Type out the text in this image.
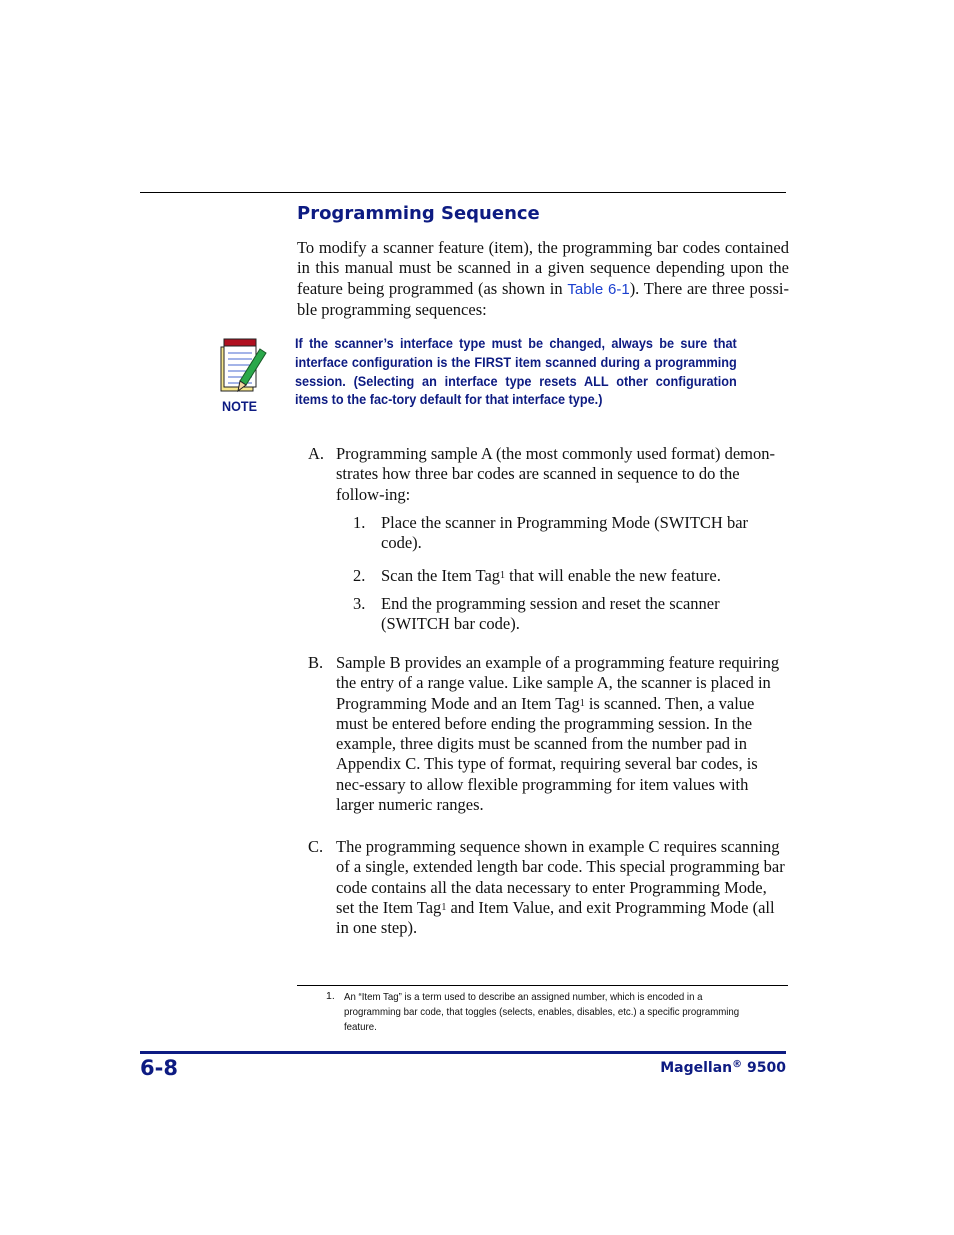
Programming Sequence

To modify a scanner feature (item), the programming bar codes contained in this manual must be scanned in a given sequence depending upon the feature being programmed (as shown in Table 6-1). There are three possi-ble programming sequences:

NOTE

If the scanner’s interface type must be changed, always be sure that interface configuration is the FIRST item scanned during a programming session. (Selecting an interface type resets ALL other configuration items to the fac-tory default for that interface type.)

A. Programming sample A (the most commonly used format) demon-strates how three bar codes are scanned in sequence to do the follow-ing:

1. Place the scanner in Programming Mode (SWITCH bar code).

2. Scan the Item Tag$^1$ that will enable the new feature.

3. End the programming session and reset the scanner (SWITCH bar code).

B. Sample B provides an example of a programming feature requiring the entry of a range value. Like sample A, the scanner is placed in Programming Mode and an Item Tag$^1$ is scanned. Then, a value must be entered before ending the programming session. In the example, three digits must be scanned from the number pad in Appendix C. This type of format, requiring several bar codes, is nec-essary to allow flexible programming for item values with larger numeric ranges.

C. The programming sequence shown in example C requires scanning of a single, extended length bar code. This special programming bar code contains all the data necessary to enter Programming Mode, set the Item Tag$^1$ and Item Value, and exit Programming Mode (all in one step).

1. An “Item Tag” is a term used to describe an assigned number, which is encoded in a programming bar code, that toggles (selects, enables, disables, etc.) a specific programming feature.

6-8	Magellan® 9500
